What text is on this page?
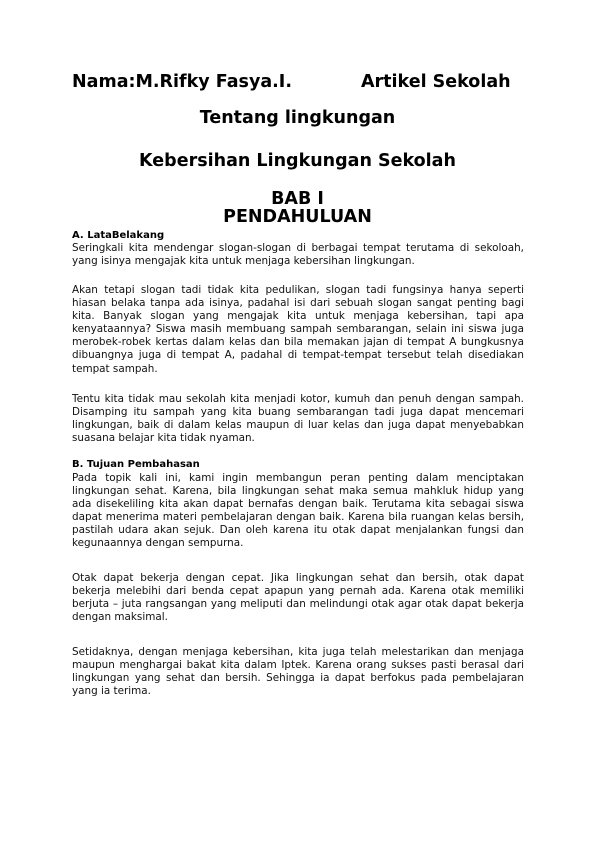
Nama:M.Rifky Fasya.I.	Artikel Sekolah
Tentang lingkungan
Kebersihan Lingkungan Sekolah
BAB I
PENDAHULUAN
A. LataBelakang

Seringkali kita mendengar slogan-slogan di berbagai tempat terutama di sekoloah, yang isinya mengajak kita untuk menjaga kebersihan lingkungan.

Akan tetapi slogan tadi tidak kita pedulikan, slogan tadi fungsinya hanya seperti hiasan belaka tanpa ada isinya, padahal isi dari sebuah slogan sangat penting bagi kita. Banyak slogan yang mengajak kita untuk menjaga kebersihan, tapi apa kenyataannya? Siswa masih membuang sampah sembarangan, selain ini siswa juga merobek-robek kertas dalam kelas dan bila memakan jajan di tempat A bungkusnya dibuangnya juga di tempat A, padahal di tempat-tempat tersebut telah disediakan tempat sampah.

Tentu kita tidak mau sekolah kita menjadi kotor, kumuh dan penuh dengan sampah. Disamping itu sampah yang kita buang sembarangan tadi juga dapat mencemari lingkungan, baik di dalam kelas maupun di luar kelas dan juga dapat menyebabkan suasana belajar kita tidak nyaman.

B. Tujuan Pembahasan

Pada topik kali ini, kami ingin membangun peran penting dalam menciptakan lingkungan sehat. Karena, bila lingkungan sehat maka semua mahkluk hidup yang ada disekeliling kita akan dapat bernafas dengan baik. Terutama kita sebagai siswa dapat menerima materi pembelajaran dengan baik. Karena bila ruangan kelas bersih, pastilah udara akan sejuk. Dan oleh karena itu otak dapat menjalankan fungsi dan kegunaannya dengan sempurna.

Otak dapat bekerja dengan cepat. Jika lingkungan sehat dan bersih, otak dapat bekerja melebihi dari benda cepat apapun yang pernah ada. Karena otak memiliki berjuta – juta rangsangan yang meliputi dan melindungi otak agar otak dapat bekerja dengan maksimal.

Setidaknya, dengan menjaga kebersihan, kita juga telah melestarikan dan menjaga maupun menghargai bakat kita dalam Iptek. Karena orang sukses pasti berasal dari lingkungan yang sehat dan bersih. Sehingga ia dapat berfokus pada pembelajaran yang ia terima.
